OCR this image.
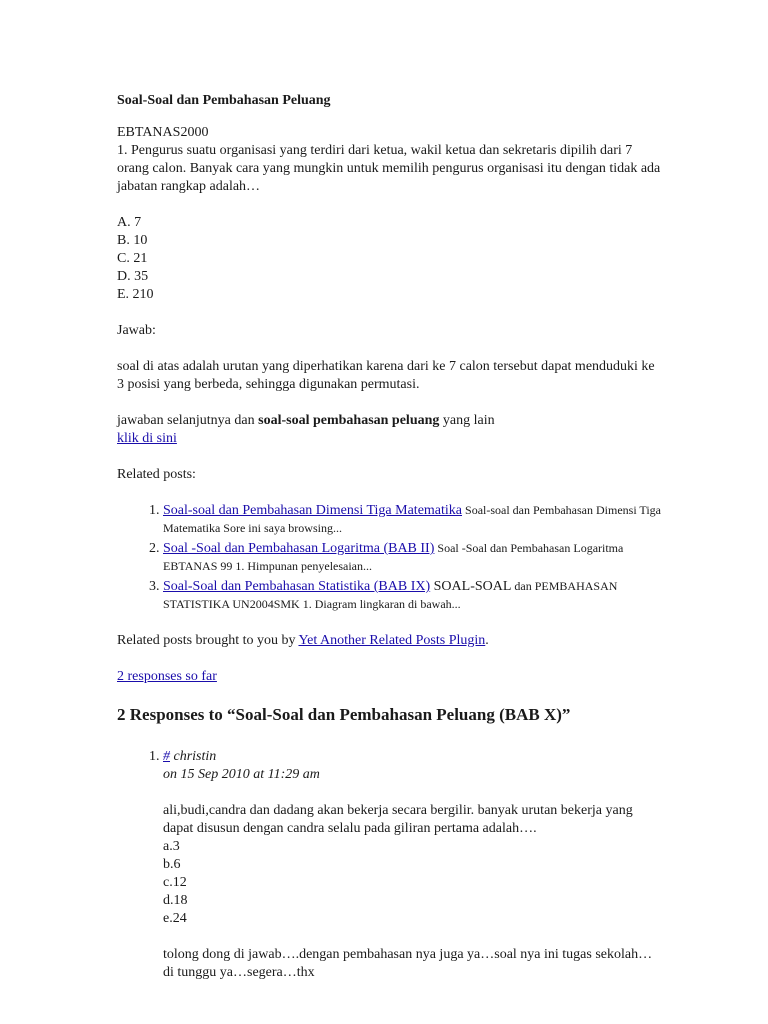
Soal-Soal dan Pembahasan Peluang

EBTANAS2000

1. Pengurus suatu organisasi yang terdiri dari ketua, wakil ketua dan sekretaris dipilih dari 7 orang calon. Banyak cara yang mungkin untuk memilih pengurus organisasi itu dengan tidak ada jabatan rangkap adalah…

A. 7

B. 10

C. 21

D. 35

E. 210

Jawab:

soal di atas adalah urutan yang diperhatikan karena dari ke 7 calon tersebut dapat menduduki ke 3 posisi yang berbeda, sehingga digunakan permutasi.

jawaban selanjutnya dan soal-soal pembahasan peluang yang lain

klik di sini

Related posts:

1. Soal-soal dan Pembahasan Dimensi Tiga Matematika Soal-soal dan Pembahasan Dimensi Tiga Matematika Sore ini saya browsing...
2. Soal -Soal dan Pembahasan Logaritma (BAB II) Soal -Soal dan Pembahasan Logaritma EBTANAS 99 1. Himpunan penyelesaian...
3. Soal-Soal dan Pembahasan Statistika (BAB IX) SOAL-SOAL dan PEMBAHASAN STATISTIKA UN2004SMK 1. Diagram lingkaran di bawah...

Related posts brought to you by Yet Another Related Posts Plugin.

2 responses so far

2 Responses to “Soal-Soal dan Pembahasan Peluang (BAB X)”

1. # christin

on 15 Sep 2010 at 11:29 am

ali,budi,candra dan dadang akan bekerja secara bergilir. banyak urutan bekerja yang dapat disusun dengan candra selalu pada giliran pertama adalah….

a.3

b.6

c.12

d.18

e.24

tolong dong di jawab….dengan pembahasan nya juga ya…soal nya ini tugas sekolah…di tunggu ya…segera…thx
